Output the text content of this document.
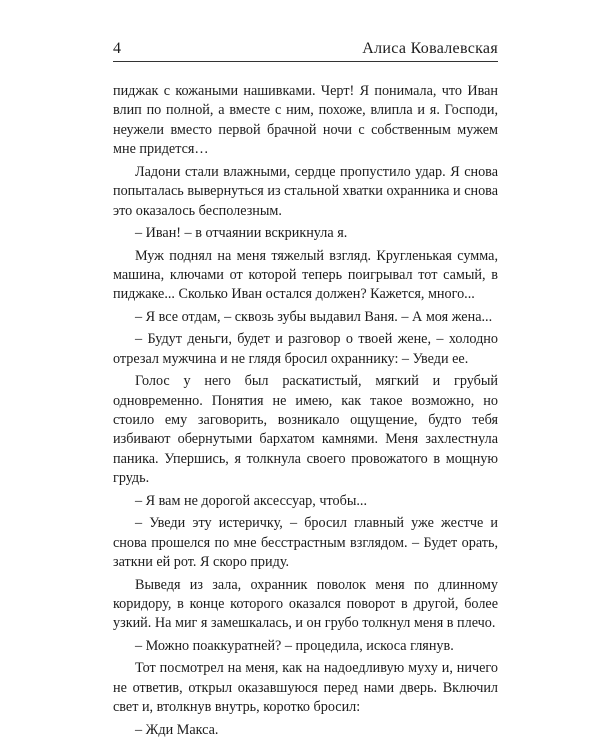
4	Алиса Ковалевская

пиджак с кожаными нашивками. Черт! Я понимала, что Иван влип по полной, а вместе с ним, похоже, влипла и я. Господи, неужели вместо первой брачной ночи с собственным мужем мне придется…

Ладони стали влажными, сердце пропустило удар. Я снова попыталась вывернуться из стальной хватки охранника и снова это оказалось бесполезным.

– Иван! – в отчаянии вскрикнула я.

Муж поднял на меня тяжелый взгляд. Кругленькая сумма, машина, ключами от которой теперь поигрывал тот самый, в пиджаке... Сколько Иван остался должен? Кажется, много...

– Я все отдам, – сквозь зубы выдавил Ваня. – А моя жена...

– Будут деньги, будет и разговор о твоей жене, – холодно отрезал мужчина и не глядя бросил охраннику: – Уведи ее.

Голос у него был раскатистый, мягкий и грубый одновременно. Понятия не имею, как такое возможно, но стоило ему заговорить, возникало ощущение, будто тебя избивают обернутыми бархатом камнями. Меня захлестнула паника. Упершись, я толкнула своего провожатого в мощную грудь.

– Я вам не дорогой аксессуар, чтобы...

– Уведи эту истеричку, – бросил главный уже жестче и снова прошелся по мне бесстрастным взглядом. – Будет орать, заткни ей рот. Я скоро приду.

Выведя из зала, охранник поволок меня по длинному коридору, в конце которого оказался поворот в другой, более узкий. На миг я замешкалась, и он грубо толкнул меня в плечо.

– Можно поаккуратней? – процедила, искоса глянув.

Тот посмотрел на меня, как на надоедливую муху и, ничего не ответив, открыл оказавшуюся перед нами дверь. Включил свет и, втолкнув внутрь, коротко бросил:

– Жди Макса.
